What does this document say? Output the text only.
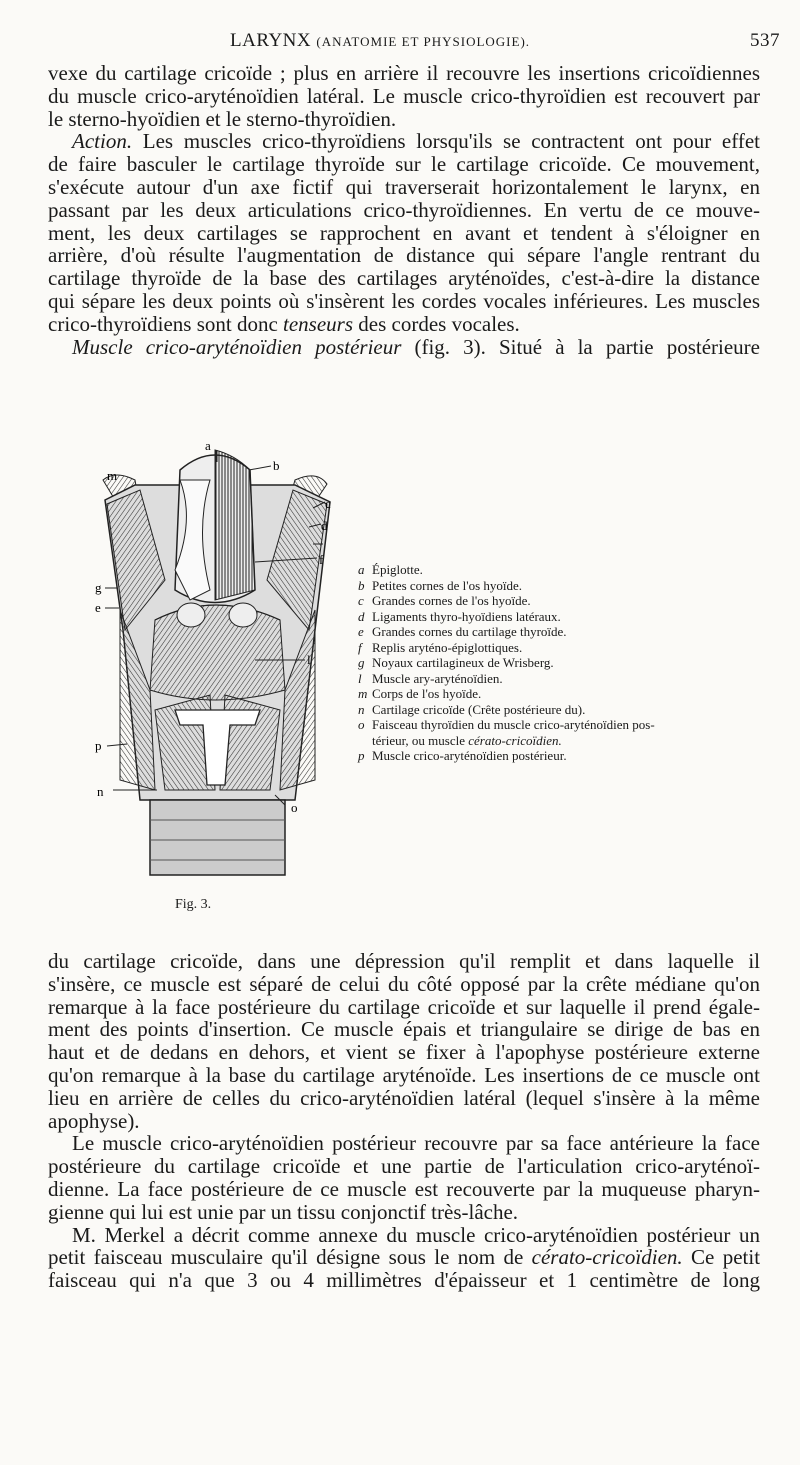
LARYNX (ANATOMIE ET PHYSIOLOGIE).	537
vexe du cartilage cricoïde ; plus en arrière il recouvre les insertions cricoïdiennes
du muscle crico-aryténoïdien latéral. Le muscle crico-thyroïdien est recouvert par
le sterno-hyoïdien et le sterno-thyroïdien.
Action. Les muscles crico-thyroïdiens lorsqu'ils se contractent ont pour effet
de faire basculer le cartilage thyroïde sur le cartilage cricoïde. Ce mouvement,
s'exécute autour d'un axe fictif qui traverserait horizontalement le larynx, en
passant par les deux articulations crico-thyroïdiennes. En vertu de ce mouve-
ment, les deux cartilages se rapprochent en avant et tendent à s'éloigner en
arrière, d'où résulte l'augmentation de distance qui sépare l'angle rentrant du
cartilage thyroïde de la base des cartilages aryténoïdes, c'est-à-dire la distance
qui sépare les deux points où s'insèrent les cordes vocales inférieures. Les muscles
crico-thyroïdiens sont donc tenseurs des cordes vocales.
Muscle crico-aryténoïdien postérieur (fig. 3). Situé à la partie postérieure
a
b
c
d
f
g
e
l
m
p
n
o
Fig. 3.
a Épiglotte.
b Petites cornes de l'os hyoïde.
c Grandes cornes de l'os hyoïde.
d Ligaments thyro-hyoïdiens latéraux.
e Grandes cornes du cartilage thyroïde.
f Replis aryténo-épiglottiques.
g Noyaux cartilagineux de Wrisberg.
l Muscle ary-aryténoïdien.
m Corps de l'os hyoïde.
n Cartilage cricoïde (Crête postérieure du).
o Faisceau thyroïdien du muscle crico-aryténoïdien pos-
térieur, ou muscle
cérato-cricoïdien.
p Muscle crico-aryténoïdien postérieur.
du cartilage cricoïde, dans une dépression qu'il remplit et dans laquelle il
s'insère, ce muscle est séparé de celui du côté opposé par la crête médiane qu'on
remarque à la face postérieure du cartilage cricoïde et sur laquelle il prend égale-
ment des points d'insertion. Ce muscle épais et triangulaire se dirige de bas en
haut et de dedans en dehors, et vient se fixer à l'apophyse postérieure externe
qu'on remarque à la base du cartilage aryténoïde. Les insertions de ce muscle ont
lieu en arrière de celles du crico-aryténoïdien latéral (lequel s'insère à la même
apophyse).
Le muscle crico-aryténoïdien postérieur recouvre par sa face antérieure la face
postérieure du cartilage cricoïde et une partie de l'articulation crico-aryténoï-
dienne. La face postérieure de ce muscle est recouverte par la muqueuse pharyn-
gienne qui lui est unie par un tissu conjonctif très-lâche.
M. Merkel a décrit comme annexe du muscle crico-aryténoïdien postérieur un
petit faisceau musculaire qu'il désigne sous le nom de cérato-cricoïdien. Ce petit
faisceau qui n'a que 3 ou 4 millimètres d'épaisseur et 1 centimètre de long
